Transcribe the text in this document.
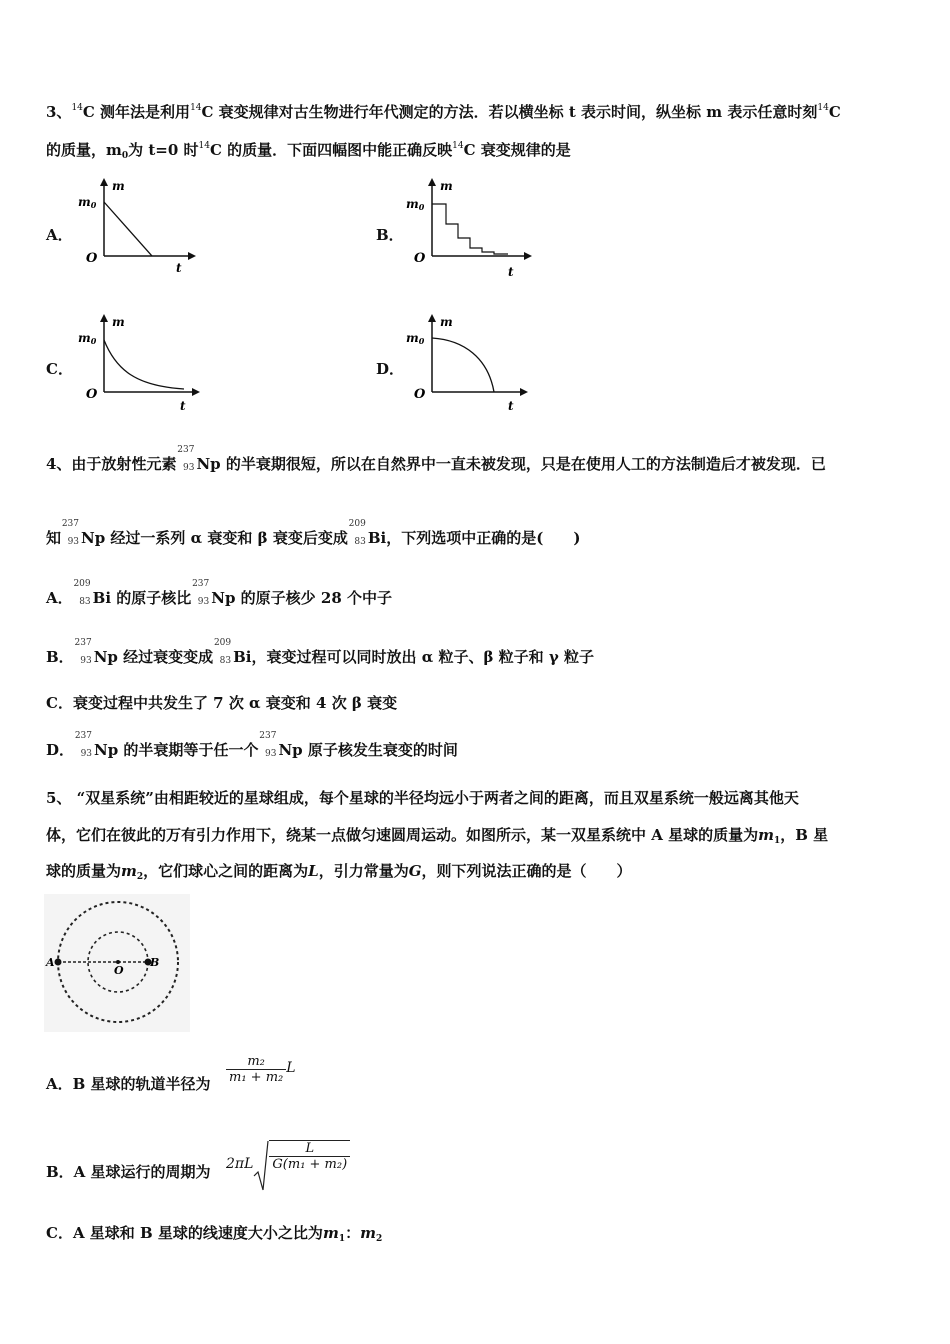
3、$^{14}$C 测年法是利用$^{14}$C 衰变规律对古生物进行年代测定的方法．若以横坐标 t 表示时间，纵坐标 m 表示任意时刻$^{14}$C
的质量，$m_0$为 t=0 时$^{14}$C 的质量．下面四幅图中能正确反映$^{14}$C 衰变规律的是
A．	B．
C．	D．
m
t
O
m0
m
t
O
m0
m
t
O
m0
m
t
O
m0
4、由于放射性元素
237
93 Np 的半衰期很短，所以在自然界中一直未被发现，只是在使用人工的方法制造后才被发现．已
知
237
93 Np 经过一系列 α 衰变和 β 衰变后变成
209
83 Bi，下列选项中正确的是(　　)
A．
209
83 Bi 的原子核比
237
93 Np 的原子核少 28 个中子
B．
237
93 Np 经过衰变变成
209
83 Bi，衰变过程可以同时放出 α 粒子、β 粒子和 γ 粒子
C．衰变过程中共发生了 7 次 α 衰变和 4 次 β 衰变
D．
237
93 Np 的半衰期等于任一个
237
93 Np 原子核发生衰变的时间
5、 “双星系统”由相距较近的星球组成，每个星球的半径均远小于两者之间的距离，而且双星系统一般远离其他天
体，它们在彼此的万有引力作用下，绕某一点做匀速圆周运动。如图所示，某一双星系统中 A 星球的质量为$m_1$，B 星
球的质量为$m_2$，它们球心之间的距离为L，引力常量为G，则下列说法正确的是（　　）
A
O
B
A．B 星球的轨道半径为 $\frac{\text{m₂}}{\text{m₁ + m₂}}$ L
B．A 星球运行的周期为 $2\pi L \frac{L}{\text{G(m₁ + m₂)}}$
C．A 星球和 B 星球的线速度大小之比为$m_1$：$m_2$
